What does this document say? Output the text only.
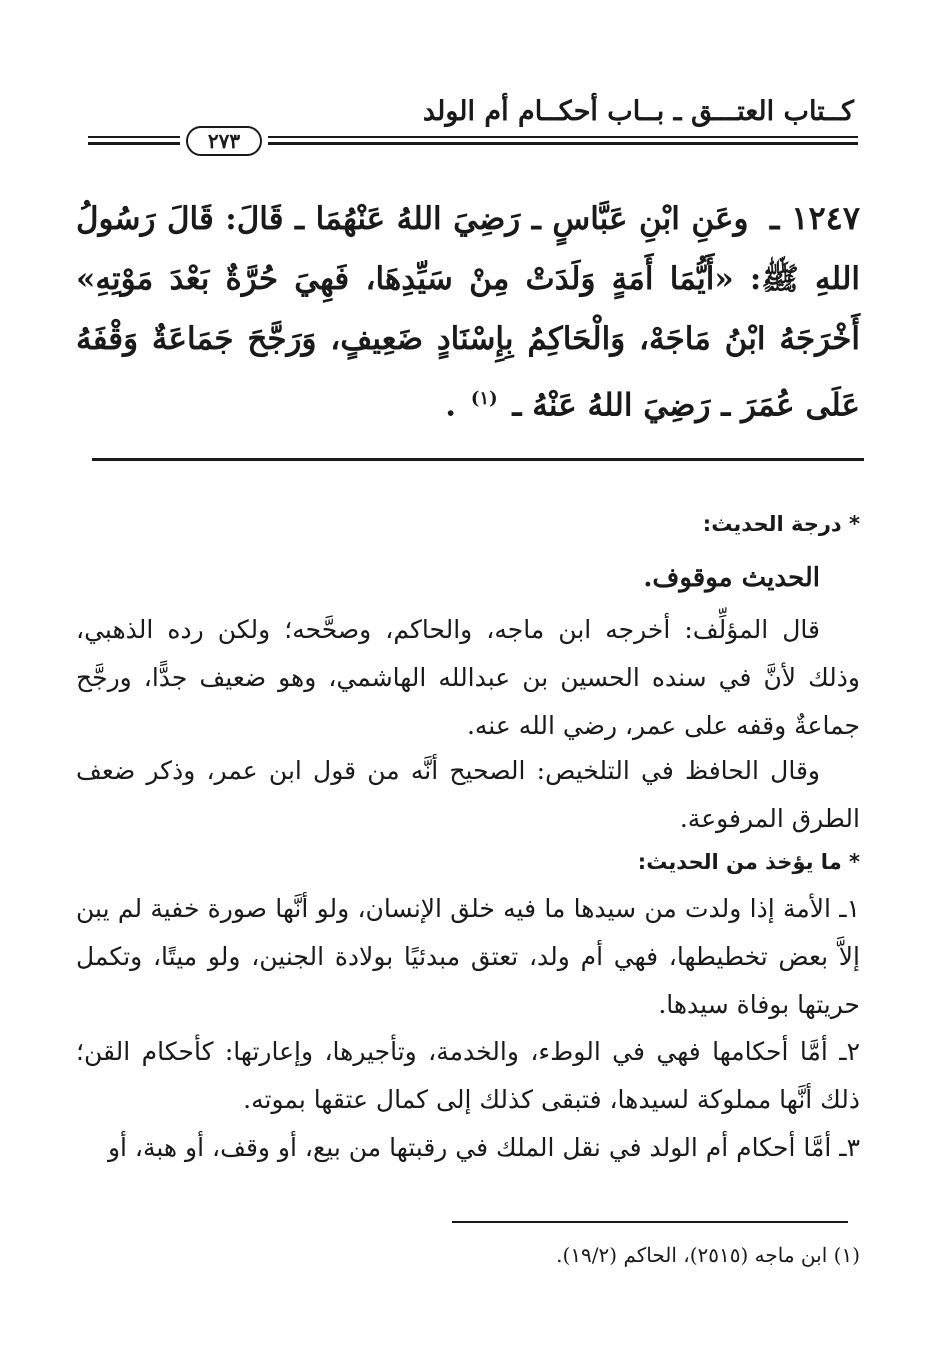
كــتاب العتـــق ـ بــاب أحكــام أم الولد
٢٧٣
١٢٤٧ ـ وعَنِ ابْنِ عَبَّاسٍ ـ رَضِيَ اللهُ عَنْهُمَا ـ قَالَ: قَالَ رَسُولُ اللهِ ﷺ: «أَيُّمَا أَمَةٍ وَلَدَتْ مِنْ سَيِّدِهَا، فَهِيَ حُرَّةٌ بَعْدَ مَوْتِهِ» أَخْرَجَهُ ابْنُ مَاجَهْ، وَالْحَاكِمُ بِإِسْنَادٍ ضَعِيفٍ، وَرَجَّحَ جَمَاعَةٌ وَقْفَهُ عَلَى عُمَرَ ـ رَضِيَ اللهُ عَنْهُ ـ $^{(١)}$ .
* درجة الحديث:
الحديث موقوف.
قال المؤلِّف: أخرجه ابن ماجه، والحاكم، وصحَّحه؛ ولكن رده الذهبي، وذلك لأنَّ في سنده الحسين بن عبدالله الهاشمي، وهو ضعيف جدًّا، ورجَّح جماعةٌ وقفه على عمر، رضي الله عنه.
وقال الحافظ في التلخيص: الصحيح أنَّه من قول ابن عمر، وذكر ضعف الطرق المرفوعة.
* ما يؤخذ من الحديث:
١ـ الأمة إذا ولدت من سيدها ما فيه خلق الإنسان، ولو أنَّها صورة خفية لم يبن إلاَّ بعض تخطيطها، فهي أم ولد، تعتق مبدئيًا بولادة الجنين، ولو ميتًا، وتكمل حريتها بوفاة سيدها.
٢ـ أمَّا أحكامها فهي في الوطء، والخدمة، وتأجيرها، وإعارتها: كأحكام القن؛ ذلك أنَّها مملوكة لسيدها، فتبقى كذلك إلى كمال عتقها بموته.
٣ـ أمَّا أحكام أم الولد في نقل الملك في رقبتها من بيع، أو وقف، أو هبة، أو
(١) ابن ماجه (٢٥١٥)، الحاكم (١٩/٢).
